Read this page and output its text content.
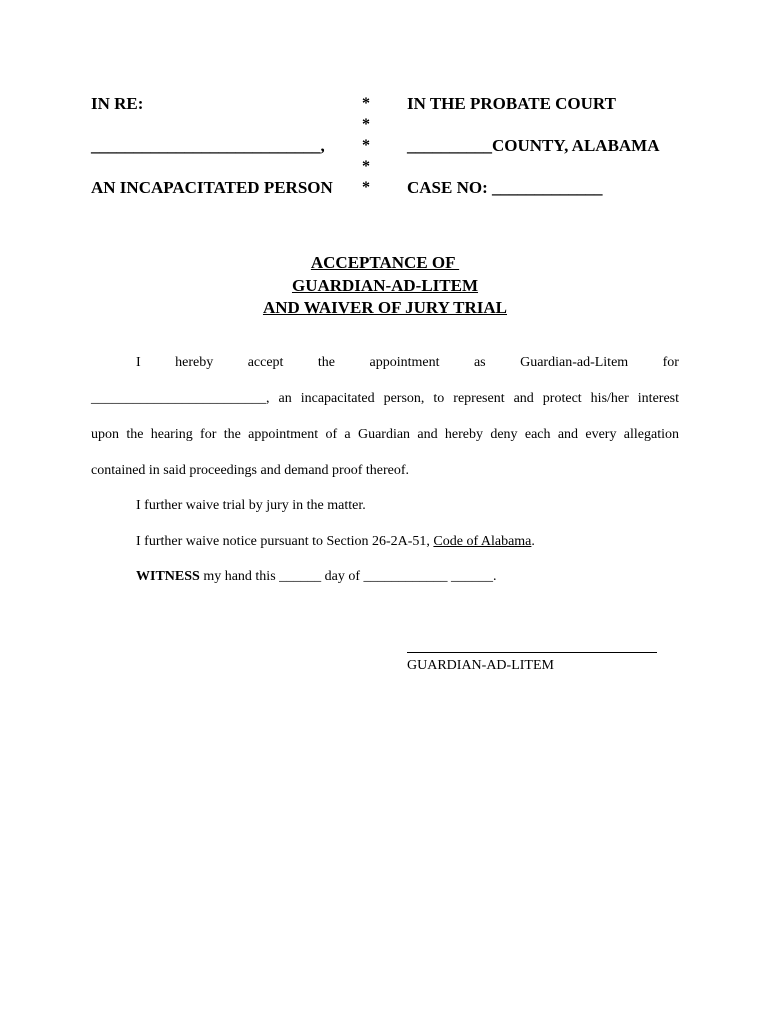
IN RE:
___________________________,
AN INCAPACITATED PERSON
*
*
*
*
*
IN THE PROBATE COURT
__________COUNTY, ALABAMA
CASE NO: _____________
ACCEPTANCE OF
GUARDIAN-AD-LITEM
AND WAIVER OF JURY TRIAL
I hereby accept the appointment as Guardian-ad-Litem for
_________________________, an incapacitated person, to represent and protect his/her interest
upon the hearing for the appointment of a Guardian and hereby deny each and every allegation
contained in said proceedings and demand proof thereof.
I further waive trial by jury in the matter.
I further waive notice pursuant to Section 26-2A-51, Code of Alabama.
WITNESS my hand this ______ day of ____________ ______.
GUARDIAN-AD-LITEM
